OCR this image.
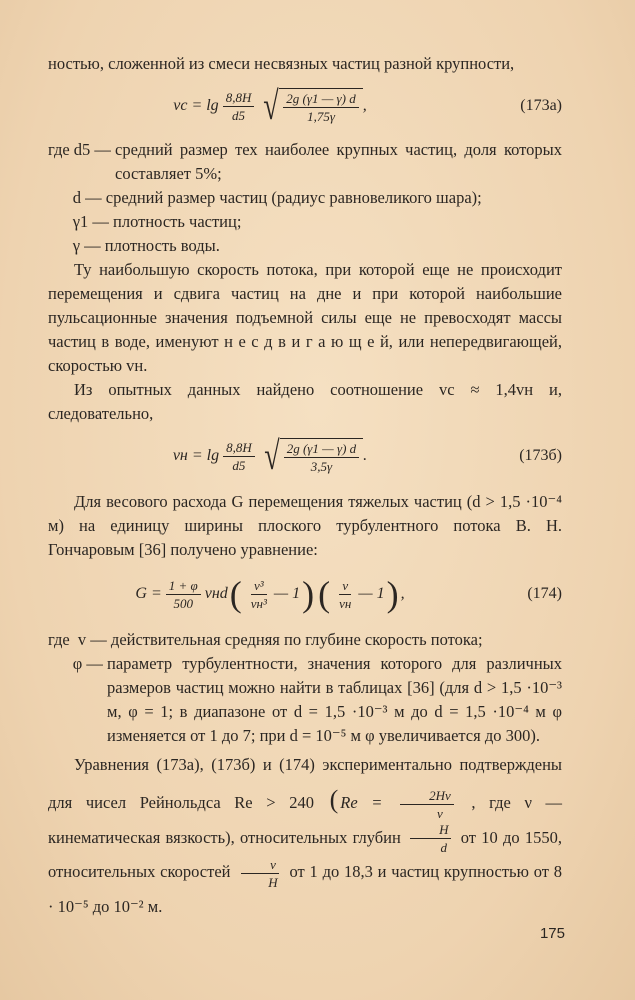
ностью, сложенной из смеси несвязных частиц разной крупности,

vс = $\lg \frac{8,8H}{d5}$ √ $\frac{2g (\gamma 1 — \gamma) d}{1,75\gamma}$ ,	(173а)
где d5 — средний размер тех наиболее крупных частиц, доля которых составляет 5%;
d — средний размер частиц (радиус равновеликого шара);
γ1 — плотность частиц;
γ — плотность воды.

Ту наибольшую скорость потока, при которой еще не происходит перемещения и сдвига частиц на дне и при которой наибольшие пульсационные значения подъемной силы еще не превосходят массы частиц в воде, именуют н е с д в и г а ю щ е й, или непередвигающей, скоростью vн.

Из опытных данных найдено соотношение vс ≈ 1,4vн и, следовательно,

vн = $\lg \frac{8,8H}{d5}$ √ $\frac{2g (\gamma 1 — \gamma) d}{3,5\gamma}$ .	(173б)

Для весового расхода G перемещения тяжелых частиц (d > 1,5 ·10⁻⁴ м) на единицу ширины плоского турбулентного потока В. Н. Гончаровым [36] получено уравнение:

$G = \frac{1 + \varphi}{500}$ vнd ( $\frac{\text{v³}}{\text{vн³}}$ — 1 ) ( $\frac{v}{vн}$ — 1 ) ,	(174)
где  v — действительная средняя по глубине скорость потока;
φ — параметр турбулентности, значения которого для различных размеров частиц можно найти в таблицах [36] (для d > 1,5 ·10⁻³ м, φ = 1; в диапазоне от d = 1,5 ·10⁻³ м до d = 1,5 ·10⁻⁴ м φ изменяется от 1 до 7; при d = 10⁻⁵ м φ увеличивается до 300).

Уравнения (173а), (173б) и (174) экспериментально подтверждены для чисел Рейнольдса Re > 240 ( $Re = \frac{2Hv}{\nu}$ , где ν — кинематическая вязкость), относительных глубин $\frac{H}{d}$ от 10 до 1550, относительных скоростей $\frac{v}{H}$ от 1 до 18,3 и частиц крупностью от 8 · 10⁻⁵ до 10⁻² м.

175
